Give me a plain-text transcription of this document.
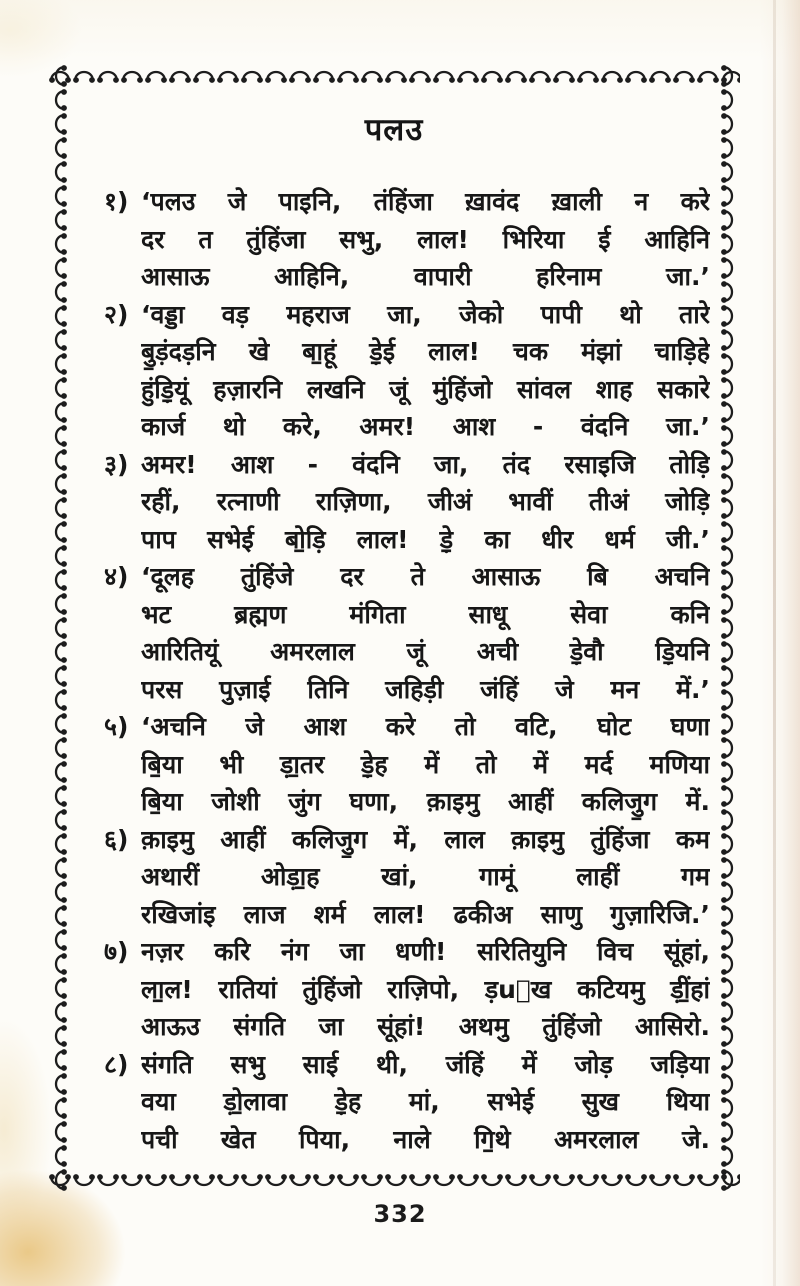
पलउ
१) ‘पलउ जे पाइनि, तंहिंजा ख़ावंद ख़ाली न करे
दर त तुंहिंजा सभु, लाल! भिरिया ई आहिनि
आसाऊ आहिनि, वापारी हरिनाम जा.’
२) ‘वड्डा वड़ महराज जा, जेको पापी थो तारे
बु॒ड़ंदड़नि खे बा॒हूं ड़े॒ई लाल! चक मंझां चाड़िहे
हुंड़ि॒यूं हज़ारनि लखनि जूं मुंहिंजो सांवल शाह सकारे
कार्ज थो करे, अमर! आश - वंदनि जा.’
३) अमर! आश - वंदनि जा, तंद रसाइजि तोड़ि
रहीं, रत्नाणी राज़िणा, जीअं भावीं तीअं जोड़ि
पाप सभेई बो॒ड़ि लाल! ड़े॒ का धीर धर्म जी.’
४) ‘दूलह तुंहिंजे दर ते आसाऊ बि अचनि
भट ब्रह्मण मंगिता साधू सेवा कनि
आरितियूं अमरलाल जूं अची ड़े॒वौ ड़ि॒यनि
परस पुज़ाई तिनि जहिड़ी जंहिं जे मन में.’
५) ‘अचनि जे आश करे तो वटि, घोट घणा
बि॒या भी ड़ा॒तर ड़े॒ह में तो में मर्द मणिया
बि॒या जोशी जुंग घणा, क़ाइमु आहीं कलिजु॒ग में.
६) क़ाइमु आहीं कलिजु॒ग में, लाल क़ाइमु तुंहिंजा कम
अथारीं ओड़ा॒ह खां, गामूं लाहीं गम
रखिजांइ लाज शर्म लाल! ढकीअ साणु गुज़ारिजि.’
७) नज़र करि नंग जा धणी! सरितियुनि विच सूंहां,
ला॒ल! रातियां तुंहिंजो राज़िपो, ड़u॒ख कटियमु ड़ीं॒हां
आऊउ संगति जा सूंहां! अथमु तुंहिंजो आसिरो.
८) संगति सभु साई थी, जंहिं में जोड़ जड़िया
वया ड़ो॒लावा ड़े॒ह मां, सभेई सुख थिया
पची खेत पिया, नाले गि॒थे अमरलाल जे.
332
